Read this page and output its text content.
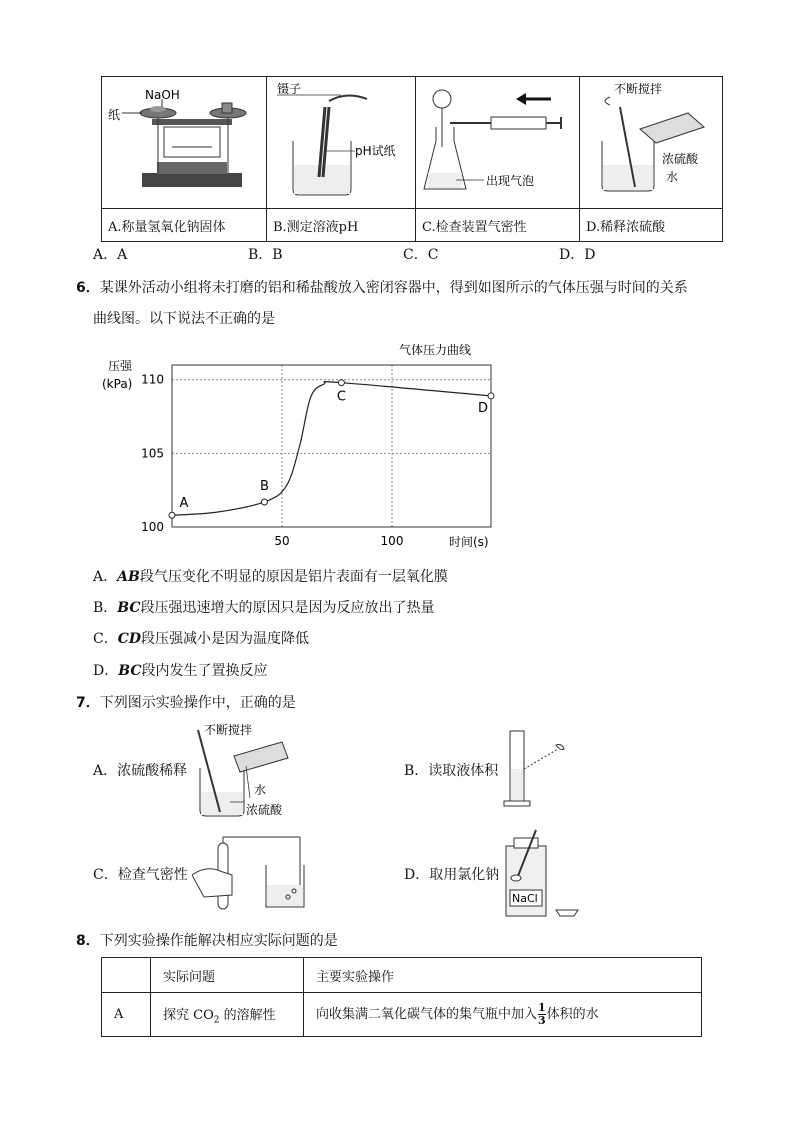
NaOH
纸	镊子
pH试纸	出现气泡	不断搅拌
浓硫酸
水

A.称量氢氧化钠固体	B.测定溶液pH	C.检查装置气密性	D.稀释浓硫酸
A．A	B．B	C．C	D．D
6．某课外活动小组将未打磨的铝和稀盐酸放入密闭容器中，得到如图所示的气体压强与时间的关系
曲线图。以下说法不正确的是
A
B
C
D
100
105
110
50	100
气体压力曲线
压强
(kPa)
时间(s)
A．AB段气压变化不明显的原因是铝片表面有一层氧化膜
B．BC段压强迅速增大的原因只是因为反应放出了热量
C．CD段压强减小是因为温度降低
D．BC段内发生了置换反应
7．下列图示实验操作中，正确的是
A．浓硫酸稀释
不断搅拌
水
浓硫酸
B．读取液体积
C．检查气密性	D．取用氯化钠
NaCl
8．下列实验操作能解决相应实际问题的是
	实际问题	主要实验操作
A	探究 $CO_2$ 的溶解性	向收集满二氧化碳气体的集气瓶中加入 $\frac{1}{3}$ 体积的水
